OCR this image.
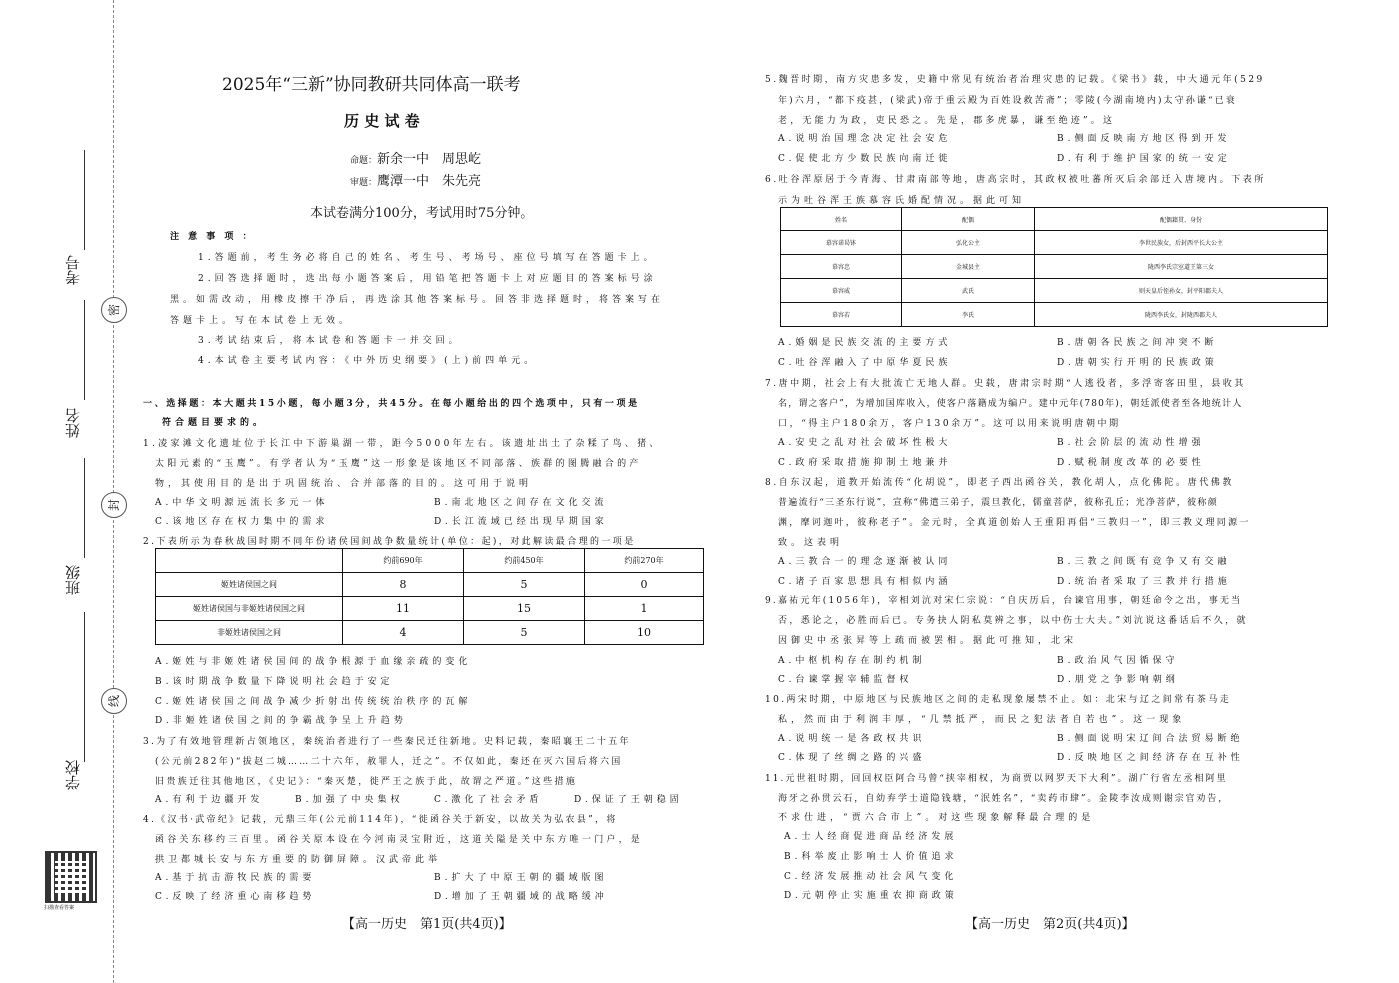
考号
姓名
班级
学校
密
封
线
扫描查看答案
2025年“三新”协同教研共同体高一联考
历 史 试 卷
命题：新余一中　周思屹
审题：鹰潭一中　朱先亮
本试卷满分100分，考试用时75分钟。
注 意 事 项 ：
1.答题前，考生务必将自己的姓名、考生号、考场号、座位号填写在答题卡上。
2.回答选择题时，选出每小题答案后，用铅笔把答题卡上对应题目的答案标号涂
黑。如需改动，用橡皮擦干净后，再选涂其他答案标号。回答非选择题时，将答案写在
答题卡上。写在本试卷上无效。
3.考试结束后，将本试卷和答题卡一并交回。
4.本试卷主要考试内容：《中外历史纲要》(上)前四单元。
一、选择题：本大题共15小题，每小题3分，共45分。在每小题给出的四个选项中，只有一项是
符合题目要求的。
1.凌家滩文化遗址位于长江中下游巢湖一带，距今5000年左右。该遗址出土了杂糅了鸟、猪、
太阳元素的“玉鹰”。有学者认为“玉鹰”这一形象是该地区不同部落、族群的图腾融合的产
物，其使用目的是出于巩固统治、合并部落的目的。这可用于说明
A.中华文明源远流长多元一体	B.南北地区之间存在文化交流
C.该地区存在权力集中的需求	D.长江流域已经出现早期国家
2.下表所示为春秋战国时期不同年份诸侯国间战争数量统计(单位：起)，对此解读最合理的一项是
	约前690年	约前450年	约前270年
姬姓诸侯国之间	8	5	0
姬姓诸侯国与非姬姓诸侯国之间	11	15	1
非姬姓诸侯国之间	4	5	10
A.姬姓与非姬姓诸侯国间的战争根源于血缘亲疏的变化
B.该时期战争数量下降说明社会趋于安定
C.姬姓诸侯国之间战争减少折射出传统统治秩序的瓦解
D.非姬姓诸侯国之间的争霸战争呈上升趋势
3.为了有效地管理新占领地区，秦统治者进行了一些秦民迁往新地。史料记载，秦昭襄王二十五年
(公元前282年)“拔赵二城……二十六年，赦罪人，迁之”。不仅如此，秦还在灭六国后将六国
旧贵族迁往其他地区，《史记》：“秦灭楚，徙严王之族于此，故谓之严道。”这些措施
A.有利于边疆开发	B.加强了中央集权	C.激化了社会矛盾	D.保证了王朝稳固
4.《汉书·武帝纪》记载，元鼎三年(公元前114年)，“徙函谷关于新安，以故关为弘农县”，将
函谷关东移约三百里。函谷关原本设在今河南灵宝附近，这道关隘是关中东方唯一门户，是
拱卫都城长安与东方重要的防御屏障。汉武帝此举
A.基于抗击游牧民族的需要	B.扩大了中原王朝的疆域版图
C.反映了经济重心南移趋势	D.增加了王朝疆域的战略缓冲
【高一历史　第1页(共4页)】
5.魏晋时期，南方灾患多发，史籍中常见有统治者治理灾患的记载。《梁书》载，中大通元年(529
年)六月，“都下疫甚，(梁武)帝于重云殿为百姓设救苦斋”；零陵(今湖南境内)太守孙谦“已衰
老，无能力为政，吏民恐之。先是，郡多虎暴，谦至绝迹”。这
A.说明治国理念决定社会安危	B.侧面反映南方地区得到开发
C.促使北方少数民族向南迁徙	D.有利于维护国家的统一安定
6.吐谷浑原居于今青海、甘肃南部等地，唐高宗时，其政权被吐蕃所灭后余部迁入唐境内。下表所
示为吐谷浑王族慕容氏婚配情况。据此可知
姓名	配偶	配偶籍贯、身份
慕容诺曷钵	弘化公主	李世民族女，后封西平长大公主
慕容忠	金城县主	陇西李氏宗室道王第三女
慕容威	武氏	则天皇后侄孙女，封平阳郡夫人
慕容若	李氏	陇西李氏女，封陇西郡夫人
A.婚姻是民族交流的主要方式	B.唐朝各民族之间冲突不断
C.吐谷浑融入了中原华夏民族	D.唐朝实行开明的民族政策
7.唐中期，社会上有大批流亡无地人群。史载，唐肃宗时期“人逃役者，多浮寄客田里，县收其
名，谓之客户”，为增加国库收入，使客户落籍成为编户。建中元年(780年)，朝廷派使者至各地统计人
口，“得主户180余万，客户130余万”。这可以用来说明唐朝中期
A.安史之乱对社会破坏性极大	B.社会阶层的流动性增强
C.政府采取措施抑制土地兼并	D.赋税制度改革的必要性
8.自东汉起，道教开始流传“化胡说”，即老子西出函谷关，教化胡人，点化佛陀。唐代佛教
普遍流行“三圣东行说”，宣称“佛遣三弟子，震旦教化，儒童菩萨，彼称孔丘；光净菩萨，彼称颜
渊，摩诃迦叶，彼称老子”。金元时，全真道创始人王重阳再倡“三教归一”，即三教义理同源一
致。这表明
A.三教合一的理念逐渐被认同	B.三教之间既有竞争又有交融
C.诸子百家思想具有相似内涵	D.统治者采取了三教并行措施
9.嘉祐元年(1056年)，宰相刘沆对宋仁宗说：“自庆历后，台谏官用事，朝廷命令之出，事无当
否，悉论之，必胜而后已。专务抉人阴私莫辨之事，以中伤士大夫。”刘沆说这番话后不久，就
因御史中丞张昇等上疏而被罢相。据此可推知，北宋
A.中枢机构存在制约机制	B.政治风气因循保守
C.台谏掌握宰辅监督权	D.朋党之争影响朝纲
10.两宋时期，中原地区与民族地区之间的走私现象屡禁不止。如：北宋与辽之间常有茶马走
私，然而由于利润丰厚，“几禁抵严，而民之犯法者自若也”。这一现象
A.说明统一是各政权共识	B.侧面说明宋辽间合法贸易断绝
C.体现了丝绸之路的兴盛	D.反映地区之间经济存在互补性
11.元世祖时期，回回权臣阿合马曾“挟宰相权，为商贾以网罗天下大利”。湖广行省左丞相阿里
海牙之孙贯云石，自幼弃学士道隐钱塘，“泯姓名”，“卖药市肆”。金陵李汝成则谢宗官劝告，
不求仕进，“贾六合市上”。对这些现象解释最合理的是
A.士人经商促进商品经济发展
B.科举废止影响士人价值追求
C.经济发展推动社会风气变化
D.元朝停止实施重农抑商政策
【高一历史　第2页(共4页)】
